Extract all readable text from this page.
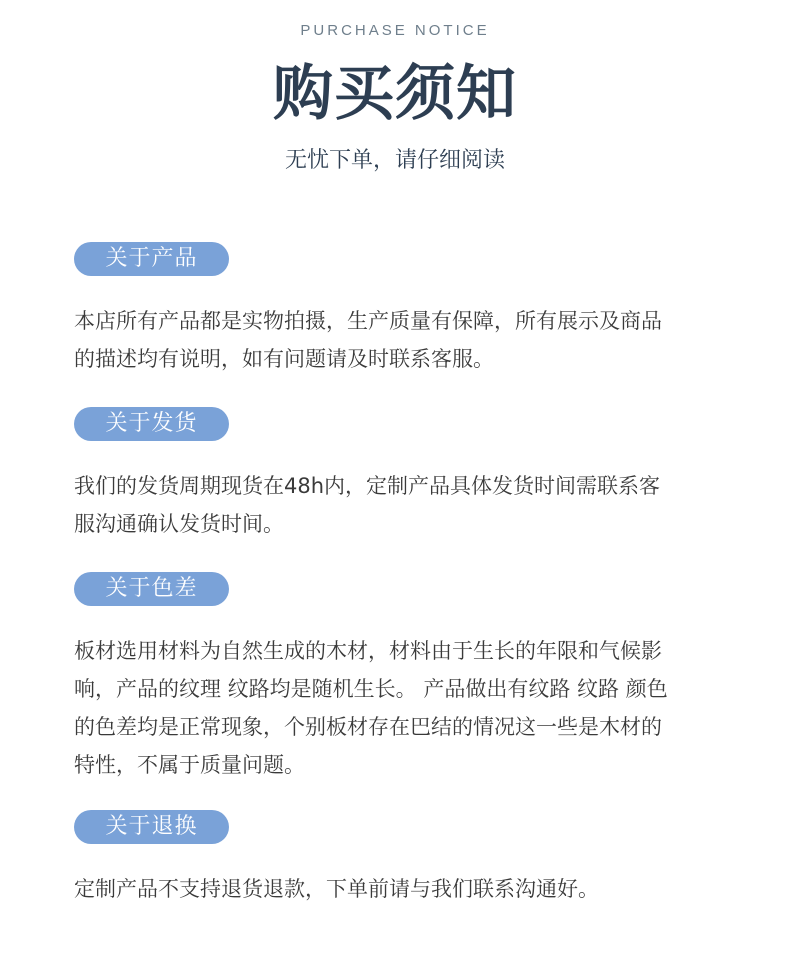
PURCHASE NOTICE
购买须知
无忧下单，请仔细阅读
关于产品

本店所有产品都是实物拍摄，生产质量有保障，所有展示及商品
的描述均有说明，如有问题请及时联系客服。

关于发货

我们的发货周期现货在48h内，定制产品具体发货时间需联系客
服沟通确认发货时间。

关于色差

板材选用材料为自然生成的木材，材料由于生长的年限和气候影
响，产品的纹理 纹路均是随机生长。 产品做出有纹路 纹路 颜色
的色差均是正常现象，个别板材存在巴结的情况这一些是木材的
特性，不属于质量问题。

关于退换

定制产品不支持退货退款，下单前请与我们联系沟通好。
